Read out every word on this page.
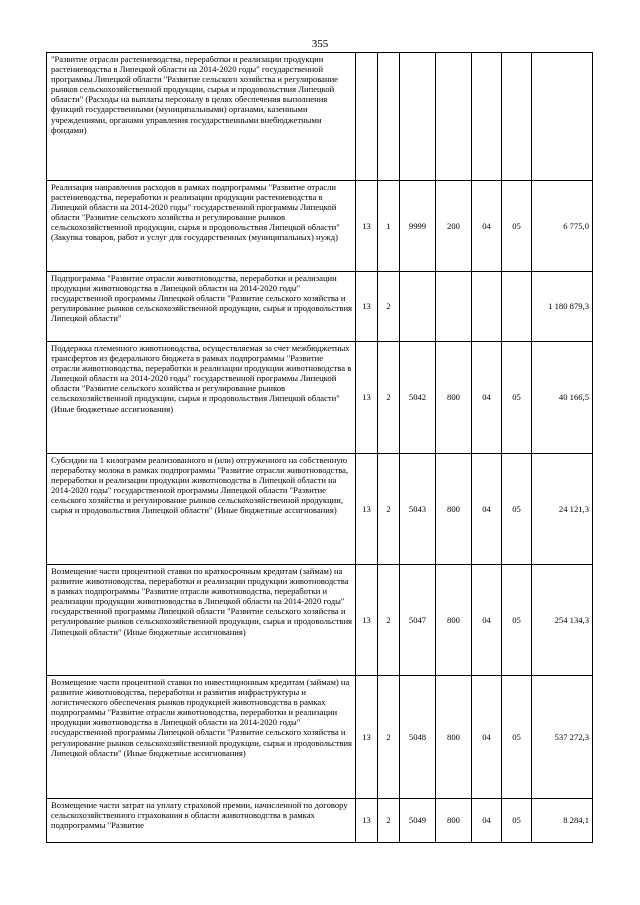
355
"Развитие отрасли растениеводства, переработки и реализации продукции растениеводства в Липецкой области на 2014-2020 годы" государственной программы Липецкой области "Развитие сельского хозяйства и регулирование рынков сельскохозяйственной продукции, сырья и продовольствия Липецкой области" (Расходы на выплаты персоналу в целях обеспечения выполнения функций государственными (муниципальными) органами, казенными учреждениями, органами управления государственными внебюджетными фондами)							
Реализация направления расходов в рамках подпрограммы "Развитие отрасли растениеводства, переработки и реализации продукции растениеводства в Липецкой области на 2014-2020 годы" государственной программы Липецкой области "Развитие сельского хозяйства и регулирование рынков сельскохозяйственной продукции, сырья и продовольствия Липецкой области" (Закупка товаров, работ и услуг для государственных (муниципальных) нужд)	13	1	9999	200	04	05	6 775,0
Подпрограмма "Развитие отрасли животноводства, переработки и реализации продукции животноводства в Липецкой области на 2014-2020 годы" государственной программы Липецкой области "Развитие сельского хозяйства и регулирование рынков сельскохозяйственной продукции, сырья и продовольствия Липецкой области"	13	2					1 180 879,3
Поддержка племенного животноводства, осуществляемая за счет межбюджетных трансфертов из федерального бюджета в рамках подпрограммы "Развитие отрасли животноводства, переработки и реализации продукции животноводства в Липецкой области на 2014-2020 годы" государственной программы Липецкой области "Развитие сельского хозяйства и регулирование рынков сельскохозяйственной продукции, сырья и продовольствия Липецкой области" (Иные бюджетные ассигнования)	13	2	5042	800	04	05	40 166,5
Субсидии на 1 килограмм реализованного и (или) отгруженного на собственную переработку молока в рамках подпрограммы "Развитие отрасли животноводства, переработки и реализации продукции животноводства в Липецкой области на 2014-2020 годы" государственной программы Липецкой области "Развитие сельского хозяйства и регулирование рынков сельскохозяйственной продукции, сырья и продовольствия Липецкой области" (Иные бюджетные ассигнования)	13	2	5043	800	04	05	24 121,3
Возмещение части процентной ставки по краткосрочным кредитам (займам) на развитие животноводства, переработки и реализации продукции животноводства в рамках подпрограммы "Развитие отрасли животноводства, переработки и реализации продукции животноводства в Липецкой области на 2014-2020 годы" государственной программы Липецкой области "Развитие сельского хозяйства и регулирование рынков сельскохозяйственной продукции, сырья и продовольствия Липецкой области" (Иные бюджетные ассигнования)	13	2	5047	800	04	05	254 134,3
Возмещение части процентной ставки по инвестиционным кредитам (займам) на развитие животноводства, переработки и развития инфраструктуры и логистического обеспечения рынков продукцией животноводства в рамках подпрограммы "Развитие отрасли животноводства, переработки и реализации продукции животноводства в Липецкой области на 2014-2020 годы" государственной программы Липецкой области "Развитие сельского хозяйства и регулирование рынков сельскохозяйственной продукции, сырья и продовольствия Липецкой области" (Иные бюджетные ассигнования)	13	2	5048	800	04	05	537 272,3
Возмещение части затрат на уплату страховой премии, начисленной по договору сельскохозяйственного страхования в области животноводства в рамках подпрограммы "Развитие	13	2	5049	800	04	05	8 284,1
